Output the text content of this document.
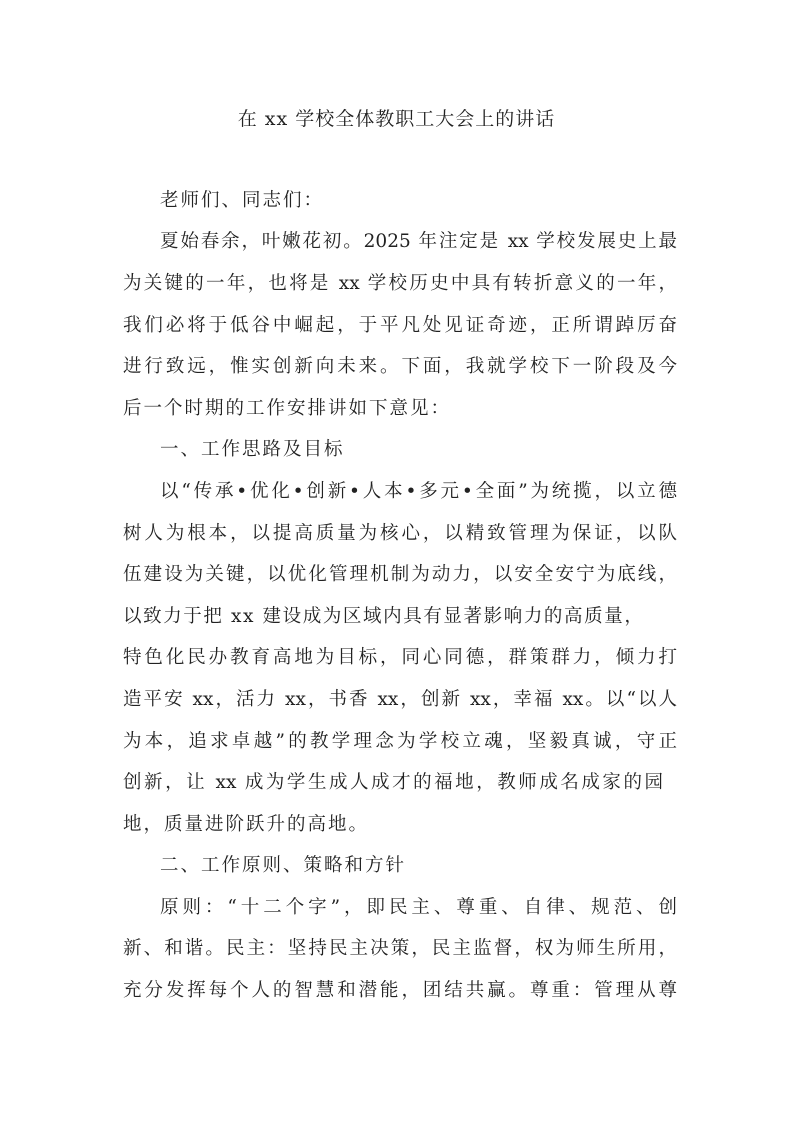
在 xx 学校全体教职工大会上的讲话
老师们、同志们：
夏始春余，叶嫩花初。2025 年注定是 xx 学校发展史上最
为关键的一年，也将是 xx 学校历史中具有转折意义的一年，
我们必将于低谷中崛起，于平凡处见证奇迹，正所谓踔厉奋
进行致远，惟实创新向未来。下面，我就学校下一阶段及今
后一个时期的工作安排讲如下意见：
一、工作思路及目标
以“传承•优化•创新•人本•多元•全面”为统揽，以立德
树人为根本，以提高质量为核心，以精致管理为保证，以队
伍建设为关键，以优化管理机制为动力，以安全安宁为底线，
以致力于把 xx 建设成为区域内具有显著影响力的高质量，
特色化民办教育高地为目标，同心同德，群策群力，倾力打
造平安 xx，活力 xx，书香 xx，创新 xx，幸福 xx。以“以人
为本，追求卓越”的教学理念为学校立魂，坚毅真诚，守正
创新，让 xx 成为学生成人成才的福地，教师成名成家的园
地，质量进阶跃升的高地。
二、工作原则、策略和方针
原则：“十二个字”，即民主、尊重、自律、规范、创
新、和谐。民主：坚持民主决策，民主监督，权为师生所用，
充分发挥每个人的智慧和潜能，团结共赢。尊重：管理从尊
